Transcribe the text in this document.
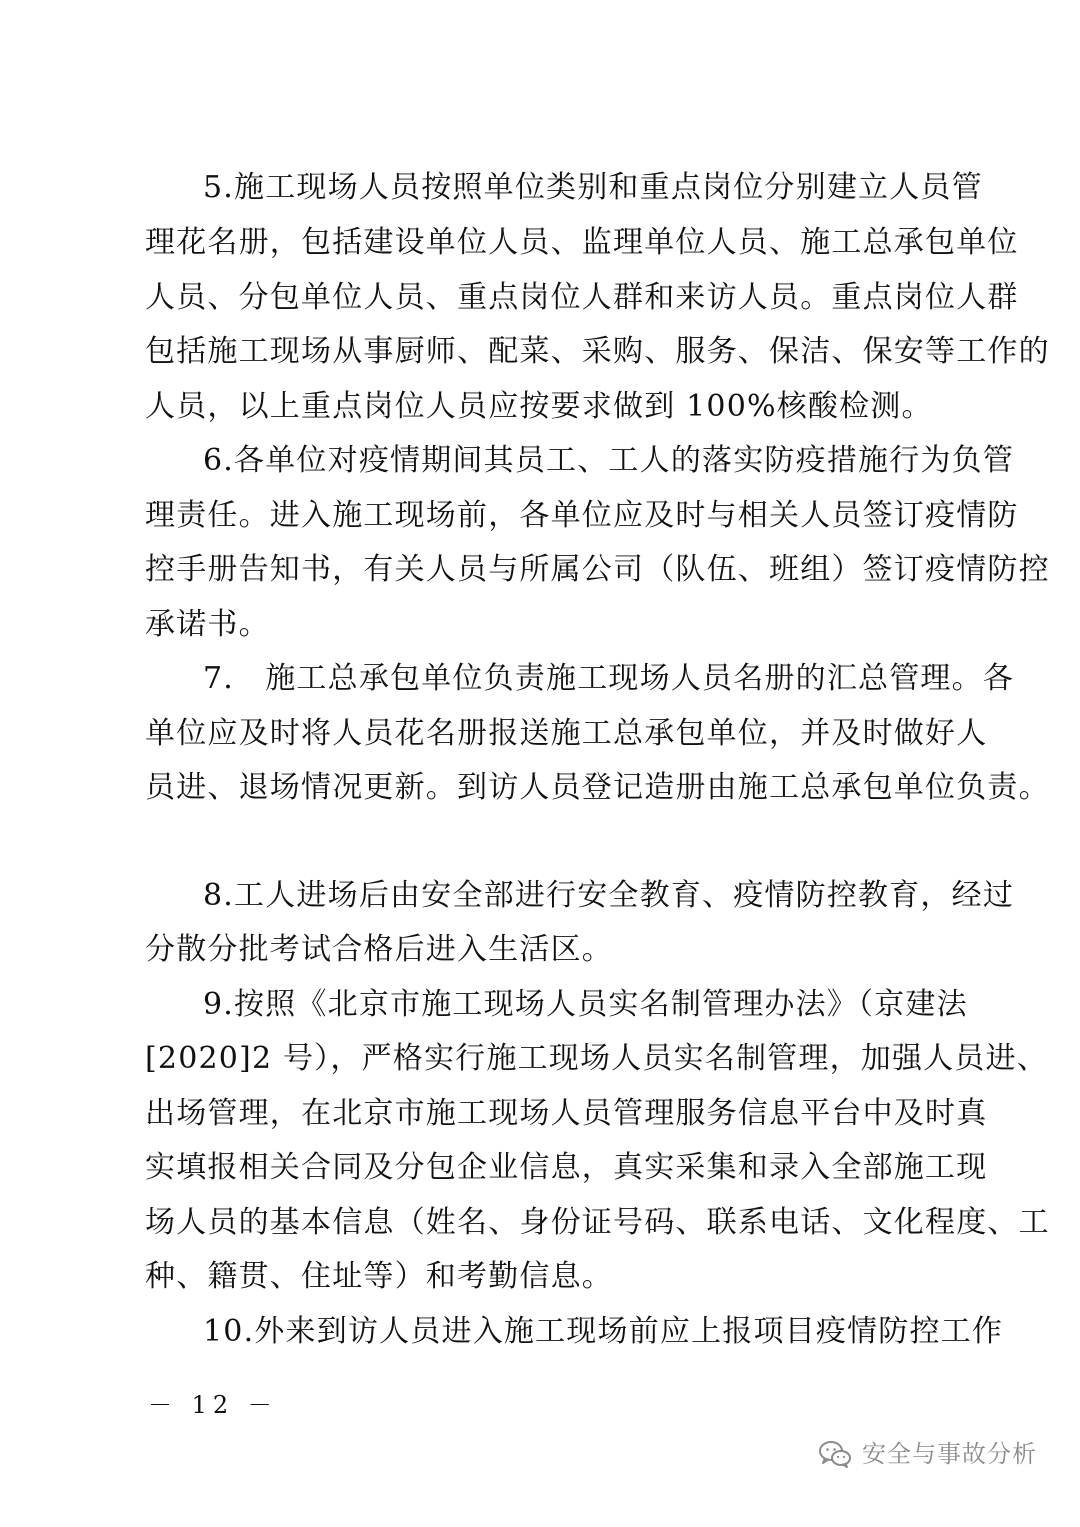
5.施工现场人员按照单位类别和重点岗位分别建立人员管
理花名册，包括建设单位人员、监理单位人员、施工总承包单位
人员、分包单位人员、重点岗位人群和来访人员。重点岗位人群
包括施工现场从事厨师、配菜、采购、服务、保洁、保安等工作的
人员，以上重点岗位人员应按要求做到 100%核酸检测。
6.各单位对疫情期间其员工、工人的落实防疫措施行为负管
理责任。进入施工现场前，各单位应及时与相关人员签订疫情防
控手册告知书，有关人员与所属公司（队伍、班组）签订疫情防控
承诺书。
7.　施工总承包单位负责施工现场人员名册的汇总管理。各
单位应及时将人员花名册报送施工总承包单位，并及时做好人
员进、退场情况更新。到访人员登记造册由施工总承包单位负责。
8.工人进场后由安全部进行安全教育、疫情防控教育，经过
分散分批考试合格后进入生活区。
9.按照《北京市施工现场人员实名制管理办法》（京建法
[2020]2 号），严格实行施工现场人员实名制管理，加强人员进、
出场管理，在北京市施工现场人员管理服务信息平台中及时真
实填报相关合同及分包企业信息，真实采集和录入全部施工现
场人员的基本信息（姓名、身份证号码、联系电话、文化程度、工
种、籍贯、住址等）和考勤信息。
10.外来到访人员进入施工现场前应上报项目疫情防控工作
－ 12 －
安全与事故分析
